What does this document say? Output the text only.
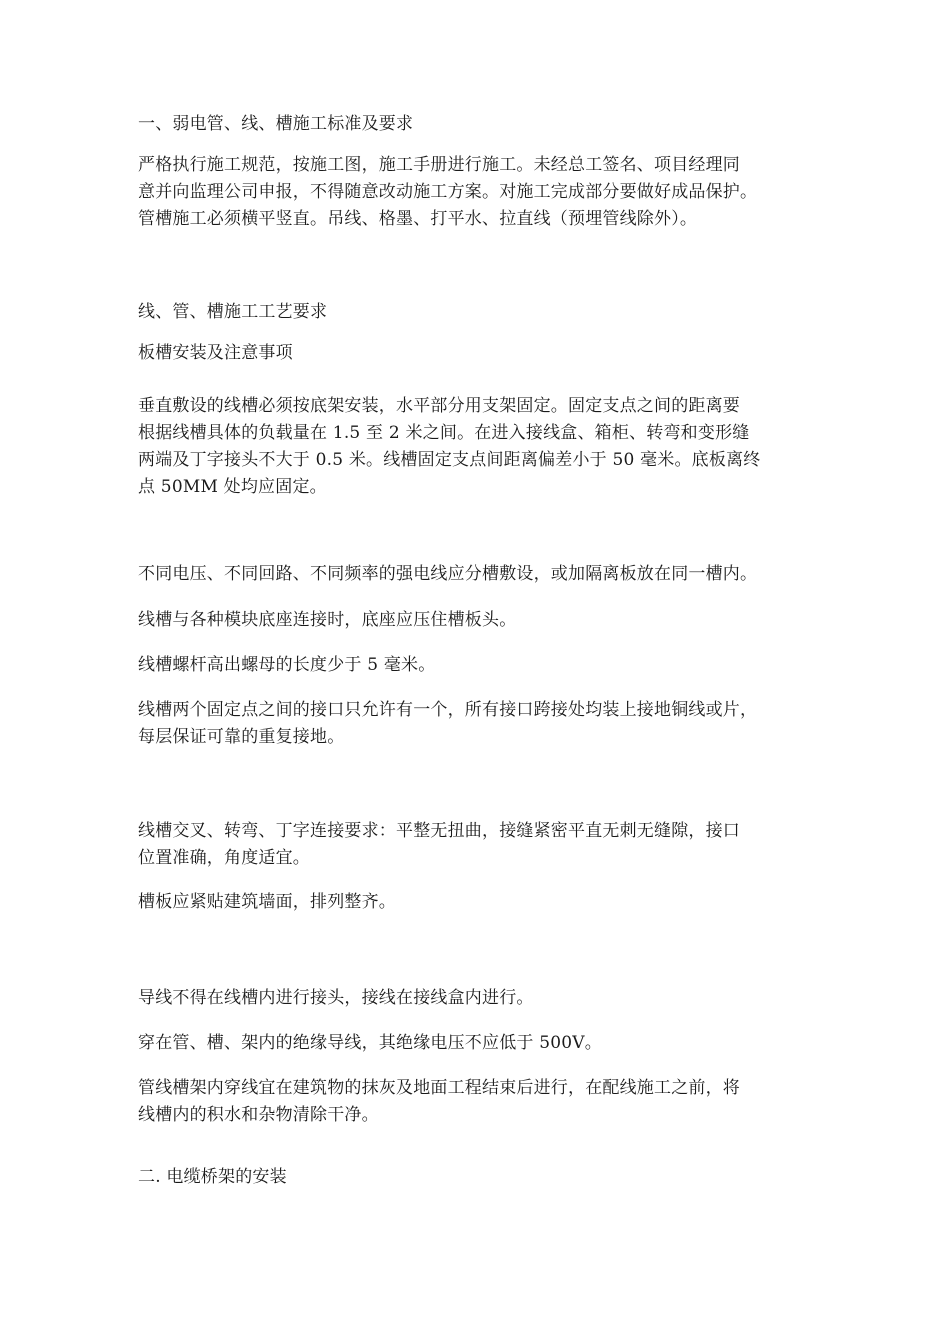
一、弱电管、线、槽施工标准及要求

严格执行施工规范，按施工图，施工手册进行施工。未经总工签名、项目经理同
意并向监理公司申报，不得随意改动施工方案。对施工完成部分要做好成品保护。
管槽施工必须横平竖直。吊线、格墨、打平水、拉直线（预埋管线除外）。

线、管、槽施工工艺要求

板槽安装及注意事项

垂直敷设的线槽必须按底架安装，水平部分用支架固定。固定支点之间的距离要
根据线槽具体的负载量在 1.5 至 2 米之间。在进入接线盒、箱柜、转弯和变形缝
两端及丁字接头不大于 0.5 米。线槽固定支点间距离偏差小于 50 毫米。底板离终
点 50MM 处均应固定。

不同电压、不同回路、不同频率的强电线应分槽敷设，或加隔离板放在同一槽内。

线槽与各种模块底座连接时，底座应压住槽板头。

线槽螺杆高出螺母的长度少于 5 毫米。

线槽两个固定点之间的接口只允许有一个，所有接口跨接处均装上接地铜线或片，
每层保证可靠的重复接地。
线槽交叉、转弯、丁字连接要求：平整无扭曲，接缝紧密平直无刺无缝隙，接口
位置准确，角度适宜。

槽板应紧贴建筑墙面，排列整齐。

导线不得在线槽内进行接头，接线在接线盒内进行。

穿在管、槽、架内的绝缘导线，其绝缘电压不应低于 500V。

管线槽架内穿线宜在建筑物的抹灰及地面工程结束后进行，在配线施工之前，将
线槽内的积水和杂物清除干净。

二. 电缆桥架的安装
